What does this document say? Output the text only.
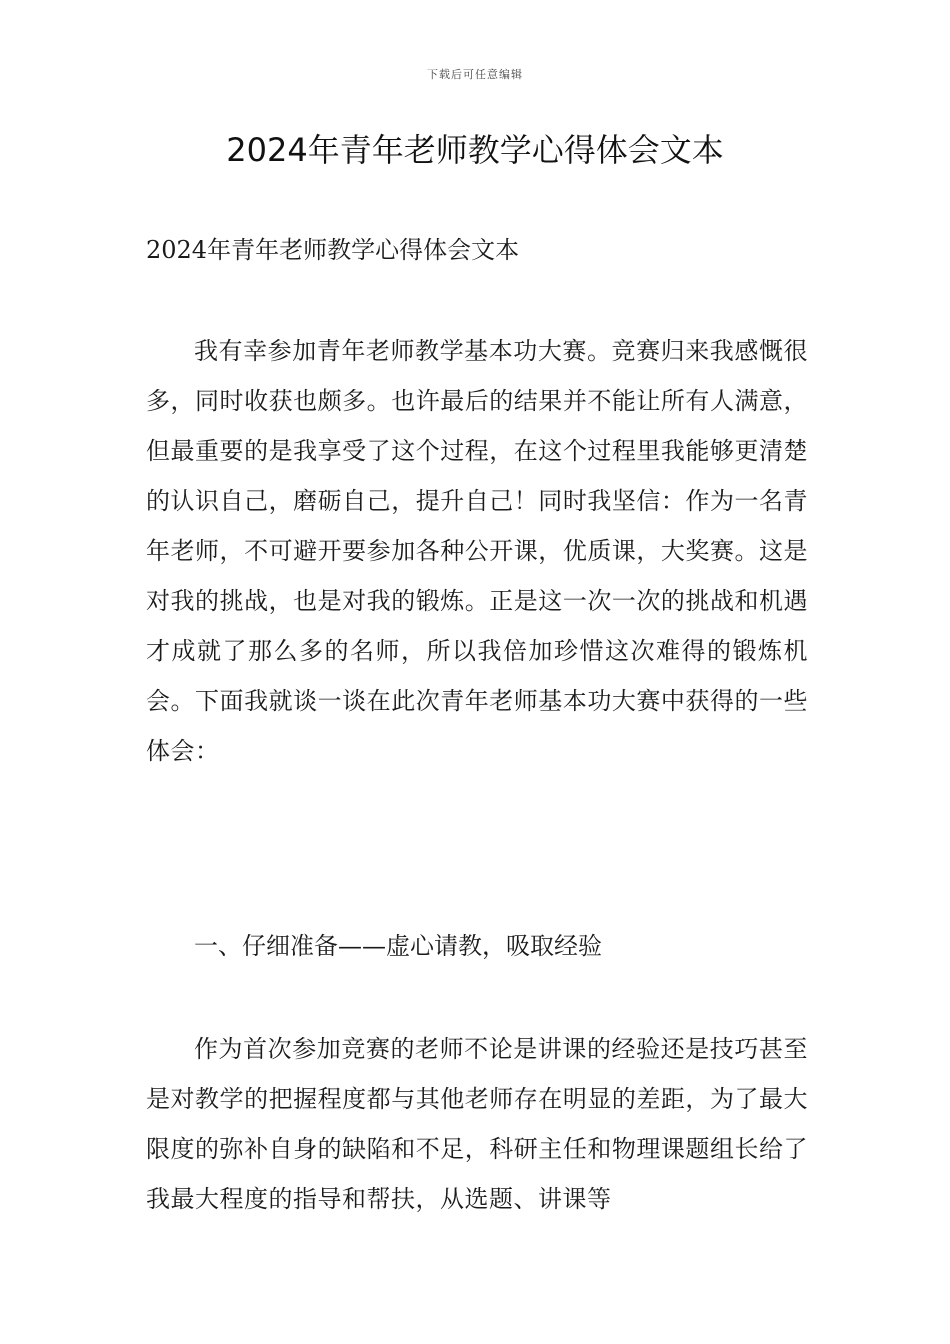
下载后可任意编辑
2024年青年老师教学心得体会文本

2024年青年老师教学心得体会文本

我有幸参加青年老师教学基本功大赛。竞赛归来我感慨很多，同时收获也颇多。也许最后的结果并不能让所有人满意，但最重要的是我享受了这个过程，在这个过程里我能够更清楚的认识自己，磨砺自己，提升自己！同时我坚信：作为一名青年老师，不可避开要参加各种公开课，优质课，大奖赛。这是对我的挑战，也是对我的锻炼。正是这一次一次的挑战和机遇才成就了那么多的名师，所以我倍加珍惜这次难得的锻炼机会。下面我就谈一谈在此次青年老师基本功大赛中获得的一些体会：

一、仔细准备——虚心请教，吸取经验

作为首次参加竞赛的老师不论是讲课的经验还是技巧甚至是对教学的把握程度都与其他老师存在明显的差距，为了最大限度的弥补自身的缺陷和不足，科研主任和物理课题组长给了我最大程度的指导和帮扶，从选题、讲课等
